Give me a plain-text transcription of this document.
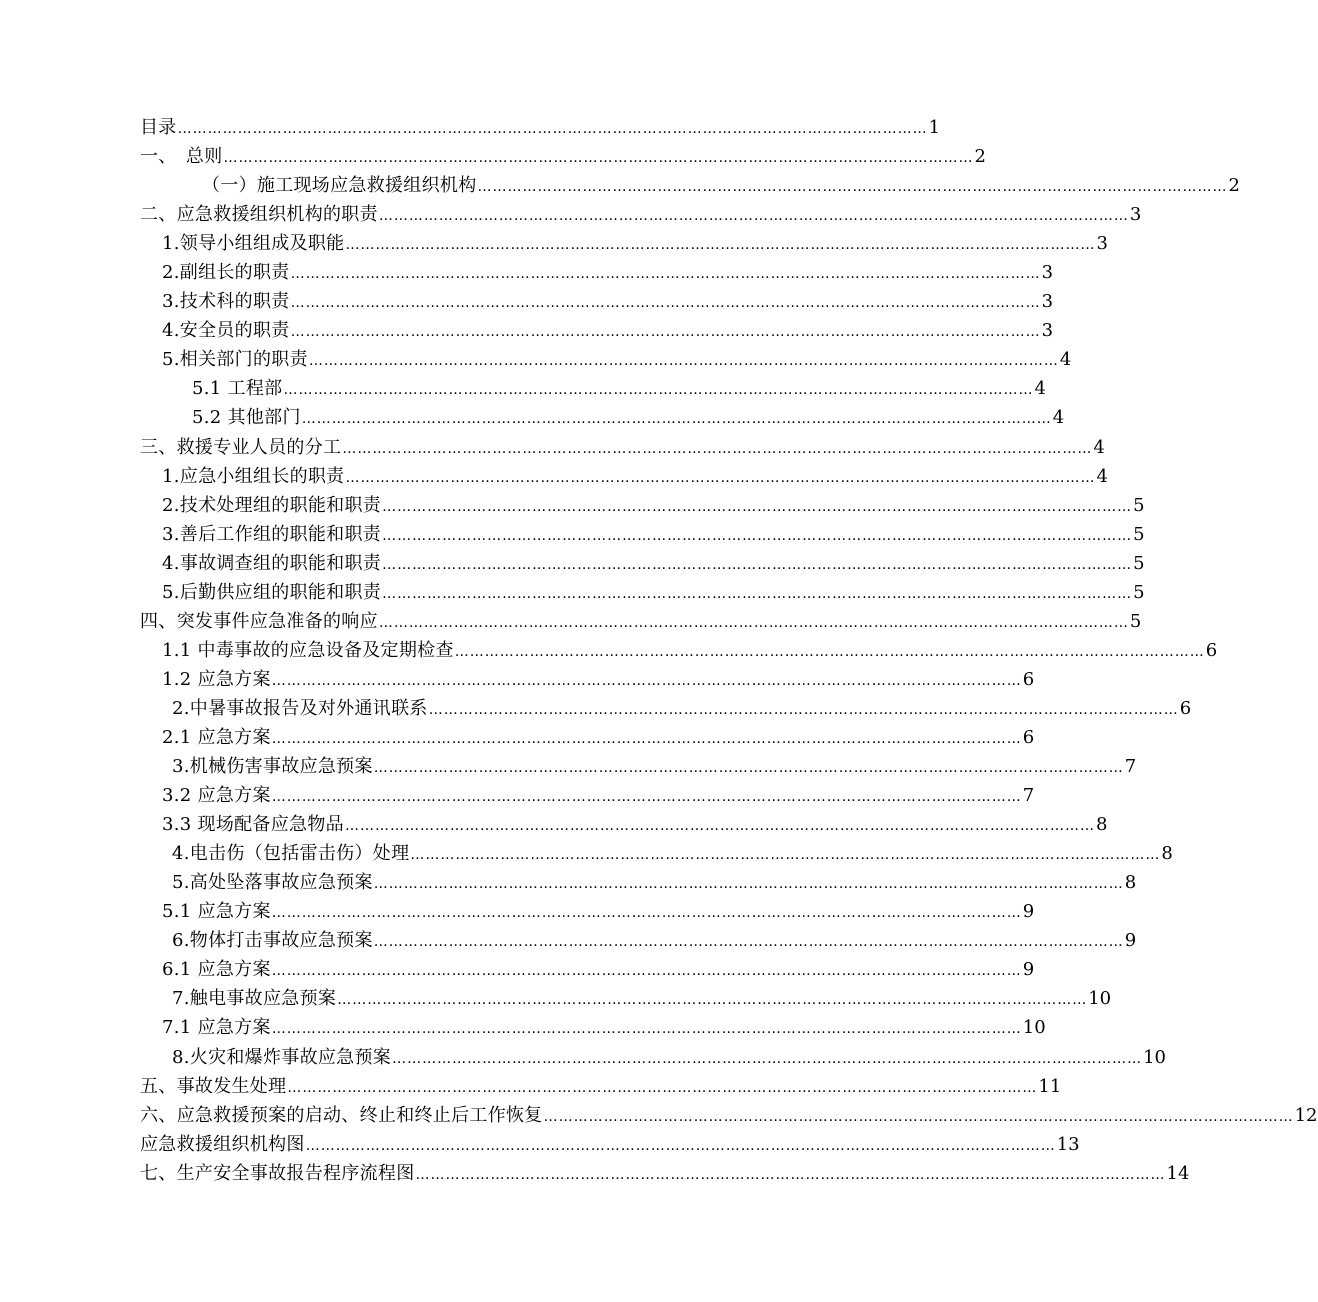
目录 …………………………………………………………………………………………………………………………………… 1
一、　总则 …………………………………………………………………………………………………………………………………… 2
（一）施工现场应急救援组织机构 …………………………………………………………………………………………………………………………………… 2
二、应急救援组织机构的职责 …………………………………………………………………………………………………………………………………… 3
1.领导小组组成及职能 …………………………………………………………………………………………………………………………………… 3
2.副组长的职责 …………………………………………………………………………………………………………………………………… 3
3.技术科的职责 …………………………………………………………………………………………………………………………………… 3
4.安全员的职责 …………………………………………………………………………………………………………………………………… 3
5.相关部门的职责 …………………………………………………………………………………………………………………………………… 4
5.1 工程部 …………………………………………………………………………………………………………………………………… 4
5.2 其他部门 …………………………………………………………………………………………………………………………………… 4
三、救援专业人员的分工 …………………………………………………………………………………………………………………………………… 4
1.应急小组组长的职责 …………………………………………………………………………………………………………………………………… 4
2.技术处理组的职能和职责 …………………………………………………………………………………………………………………………………… 5
3.善后工作组的职能和职责 …………………………………………………………………………………………………………………………………… 5
4.事故调查组的职能和职责 …………………………………………………………………………………………………………………………………… 5
5.后勤供应组的职能和职责 …………………………………………………………………………………………………………………………………… 5
四、突发事件应急准备的响应 …………………………………………………………………………………………………………………………………… 5
1.1 中毒事故的应急设备及定期检查 …………………………………………………………………………………………………………………………………… 6
1.2 应急方案 …………………………………………………………………………………………………………………………………… 6
2.中暑事故报告及对外通讯联系 …………………………………………………………………………………………………………………………………… 6
2.1 应急方案 …………………………………………………………………………………………………………………………………… 6
3.机械伤害事故应急预案 …………………………………………………………………………………………………………………………………… 7
3.2 应急方案 …………………………………………………………………………………………………………………………………… 7
3.3 现场配备应急物品 …………………………………………………………………………………………………………………………………… 8
4.电击伤（包括雷击伤）处理 …………………………………………………………………………………………………………………………………… 8
5.高处坠落事故应急预案 …………………………………………………………………………………………………………………………………… 8
5.1 应急方案 …………………………………………………………………………………………………………………………………… 9
6.物体打击事故应急预案 …………………………………………………………………………………………………………………………………… 9
6.1 应急方案 …………………………………………………………………………………………………………………………………… 9
7.触电事故应急预案 …………………………………………………………………………………………………………………………………… 10
7.1 应急方案 …………………………………………………………………………………………………………………………………… 10
8.火灾和爆炸事故应急预案 …………………………………………………………………………………………………………………………………… 10
五、事故发生处理 …………………………………………………………………………………………………………………………………… 11
六、应急救援预案的启动、终止和终止后工作恢复 …………………………………………………………………………………………………………………………………… 12
应急救援组织机构图 …………………………………………………………………………………………………………………………………… 13
七、生产安全事故报告程序流程图 …………………………………………………………………………………………………………………………………… 14
